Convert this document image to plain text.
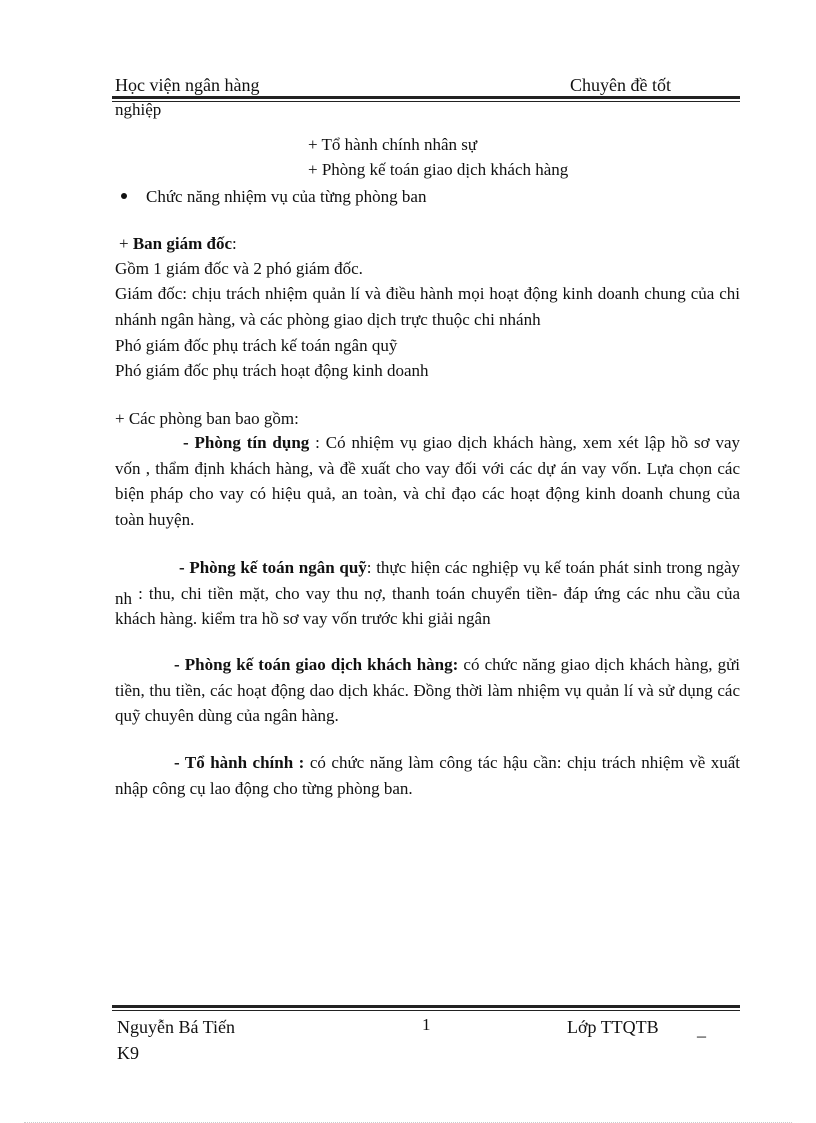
Học viện ngân hàng	Chuyên đề tốt
nghiệp
+ Tổ hành chính nhân sự
+ Phòng kế toán giao dịch khách hàng
Chức năng nhiệm vụ của từng phòng ban
+ Ban giám đốc:
Gồm 1 giám đốc và 2 phó giám đốc.
Giám đốc: chịu trách nhiệm quản lí và điều hành mọi hoạt động kinh doanh chung của chi nhánh ngân hàng, và các phòng giao dịch trực thuộc chi nhánh
Phó giám đốc phụ trách kế toán ngân quỹ
Phó giám đốc phụ trách hoạt động kinh doanh
+ Các phòng ban bao gồm:
- Phòng tín dụng : Có nhiệm vụ giao dịch khách hàng, xem xét lập hồ sơ vay vốn , thẩm định khách hàng, và đề xuất cho vay đối với các dự án vay vốn. Lựa chọn các biện pháp cho vay có hiệu quả, an toàn, và chỉ đạo các hoạt động kinh doanh chung của toàn huyện.
- Phòng kế toán ngân quỹ: thực hiện các nghiệp vụ kế toán phát sinh trong ngày nh : thu, chi tiền mặt, cho vay thu nợ, thanh toán chuyển tiền- đáp ứng các nhu cầu của khách hàng. kiểm tra hồ sơ vay vốn trước khi giải ngân
- Phòng kế toán giao dịch khách hàng: có chức năng giao dịch khách hàng, gửi tiền, thu tiền, các hoạt động dao dịch khác. Đồng thời làm nhiệm vụ quản lí và sử dụng các quỹ chuyên dùng của ngân hàng.
- Tổ hành chính : có chức năng làm công tác hậu cần: chịu trách nhiệm về xuất nhập công cụ lao động cho từng phòng ban.
Nguyễn Bá Tiến	1	Lớp TTQTB _
K9
